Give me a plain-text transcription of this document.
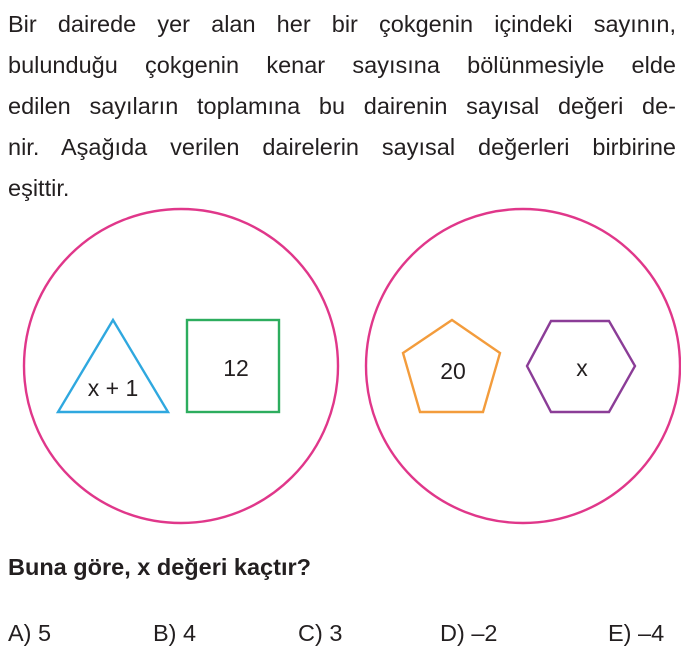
Bir dairede yer alan her bir çokgenin içindeki sayının,
bulunduğu çokgenin kenar sayısına bölünmesiyle elde
edilen sayıların toplamına bu dairenin sayısal değeri de-
nir. Aşağıda verilen dairelerin sayısal değerleri birbirine
eşittir.
x + 1
12	20	x
Buna göre, x değeri kaçtır?
A) 5	B) 4	C) 3	D) –2	E) –4
